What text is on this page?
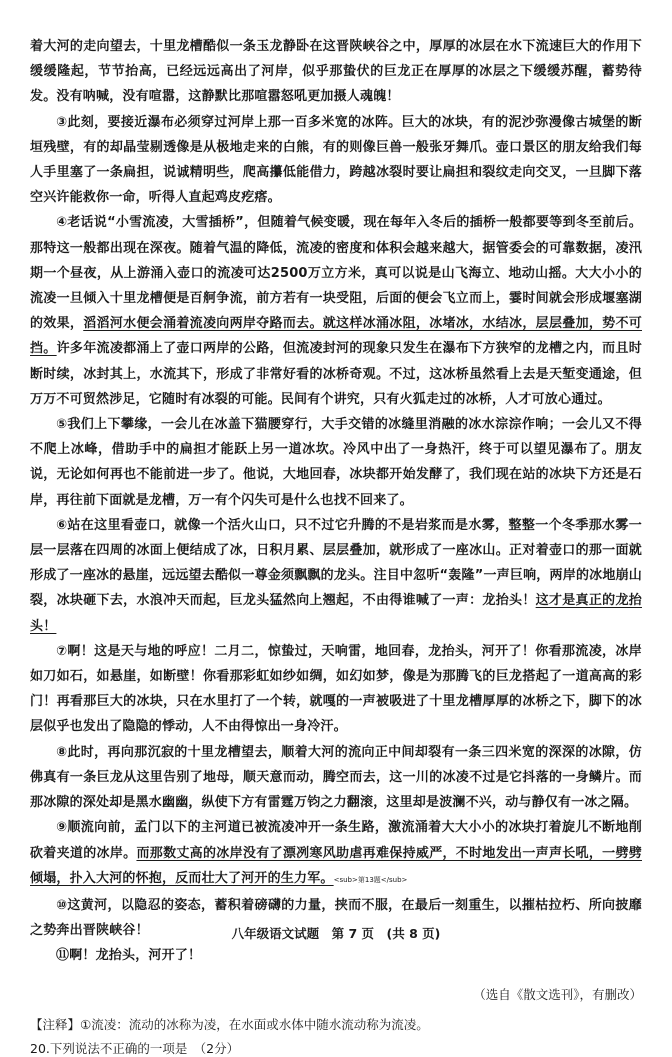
着大河的走向望去，十里龙槽酷似一条玉龙静卧在这晋陕峡谷之中，厚厚的冰层在水下流速巨大的作用下缓缓隆起，节节抬高，已经远远高出了河岸，似乎那蛰伏的巨龙正在厚厚的冰层之下缓缓苏醒，蓄势待发。没有呐喊，没有喧嚣，这静默比那喧嚣怒吼更加摄人魂魄！

③此刻，要接近瀑布必须穿过河岸上那一百多米宽的冰阵。巨大的冰块，有的泥沙弥漫像古城堡的断垣残壁，有的却晶莹剔透像是从极地走来的白熊，有的则像巨兽一般张牙舞爪。壶口景区的朋友给我们每人手里塞了一条扁担，说诚精明些，爬高攥低能借力，跨越冰裂时要让扁担和裂纹走向交叉，一旦脚下落空兴许能救你一命，听得人直起鸡皮疙瘩。

④老话说“小雪流凌，大雪插桥”，但随着气候变暖，现在每年入冬后的插桥一般都要等到冬至前后。那特这一般都出现在深夜。随着气温的降低，流凌的密度和体积会越来越大，据管委会的可靠数据，凌汛期一个昼夜，从上游涌入壶口的流凌可达2500万立方米，真可以说是山飞海立、地动山摇。大大小小的流凌一旦倾入十里龙槽便是百舸争流，前方若有一块受阻，后面的便会飞立而上，霎时间就会形成堰塞湖的效果，滔滔河水便会涌着流凌向两岸夺路而去。就这样冰涌冰阻，冰堵冰，水结冰，层层叠加，势不可挡。许多年流凌都涌上了壶口两岸的公路，但流凌封河的现象只发生在瀑布下方狭窄的龙槽之内，而且时断时续，冰封其上，水流其下，形成了非常好看的冰桥奇观。不过，这冰桥虽然看上去是天堑变通途，但万万不可贸然涉足，它随时有冰裂的可能。民间有个讲究，只有火狐走过的冰桥，人才可放心通过。

⑤我们上下攀缘，一会儿在冰盖下猫腰穿行，大手交错的冰缝里消融的冰水淙淙作响；一会儿又不得不爬上冰峰，借助手中的扁担才能跃上另一道冰坎。冷风中出了一身热汗，终于可以望见瀑布了。朋友说，无论如何再也不能前进一步了。他说，大地回春，冰块都开始发酵了，我们现在站的冰块下方还是石岸，再往前下面就是龙槽，万一有个闪失可是什么也找不回来了。

⑥站在这里看壶口，就像一个活火山口，只不过它升腾的不是岩浆而是水雾，整整一个冬季那水雾一层一层落在四周的冰面上便结成了冰，日积月累、层层叠加，就形成了一座冰山。正对着壶口的那一面就形成了一座冰的悬崖，远远望去酷似一尊金须飘飘的龙头。注目中忽听“轰隆”一声巨响，两岸的冰地崩山裂，冰块砸下去，水浪冲天而起，巨龙头猛然向上翘起，不由得谁喊了一声：龙抬头！这才是真正的龙抬头！

⑦啊！这是天与地的呼应！二月二，惊蛰过，天响雷，地回春，龙抬头，河开了！你看那流凌，冰岸如刀如石，如悬崖，如断壁！你看那彩虹如纱如绸，如幻如梦，像是为那腾飞的巨龙搭起了一道高高的彩门！再看那巨大的冰块，只在水里打了一个转，就嘎的一声被吸进了十里龙槽厚厚的冰桥之下，脚下的冰层似乎也发出了隐隐的悸动，人不由得惊出一身冷汗。

⑧此时，再向那沉寂的十里龙槽望去，顺着大河的流向正中间却裂有一条三四米宽的深深的冰隙，仿佛真有一条巨龙从这里告别了地母，顺天意而动，腾空而去，这一川的冰凌不过是它抖落的一身鳞片。而那冰隙的深处却是黑水幽幽，纵使下方有雷霆万钧之力翻滚，这里却是波澜不兴，动与静仅有一冰之隔。

⑨顺流向前，孟门以下的主河道已被流凌冲开一条生路，激流涌着大大小小的冰块打着旋儿不断地削砍着夹道的冰岸。而那数丈高的冰岸没有了漂冽寒风助虐再难保持威严，不时地发出一声声长吼，一劈劈倾塌，扑入大河的怀抱，反而壮大了河开的生力军。<sub>第13题</sub>

⑩这黄河，以隐忍的姿态，蓄积着磅礴的力量，挟而不服，在最后一刻重生，以摧枯拉朽、所向披靡之势奔出晋陕峡谷！

⑪啊！龙抬头，河开了！

（选自《散文选刊》，有删改）

【注释】①流凌：流动的冰称为凌，在水面或水体中随水流动称为流凌。

20.下列说法不正确的一项是　（2分）

八年级语文试题　第 7 页　(共 8 页)
